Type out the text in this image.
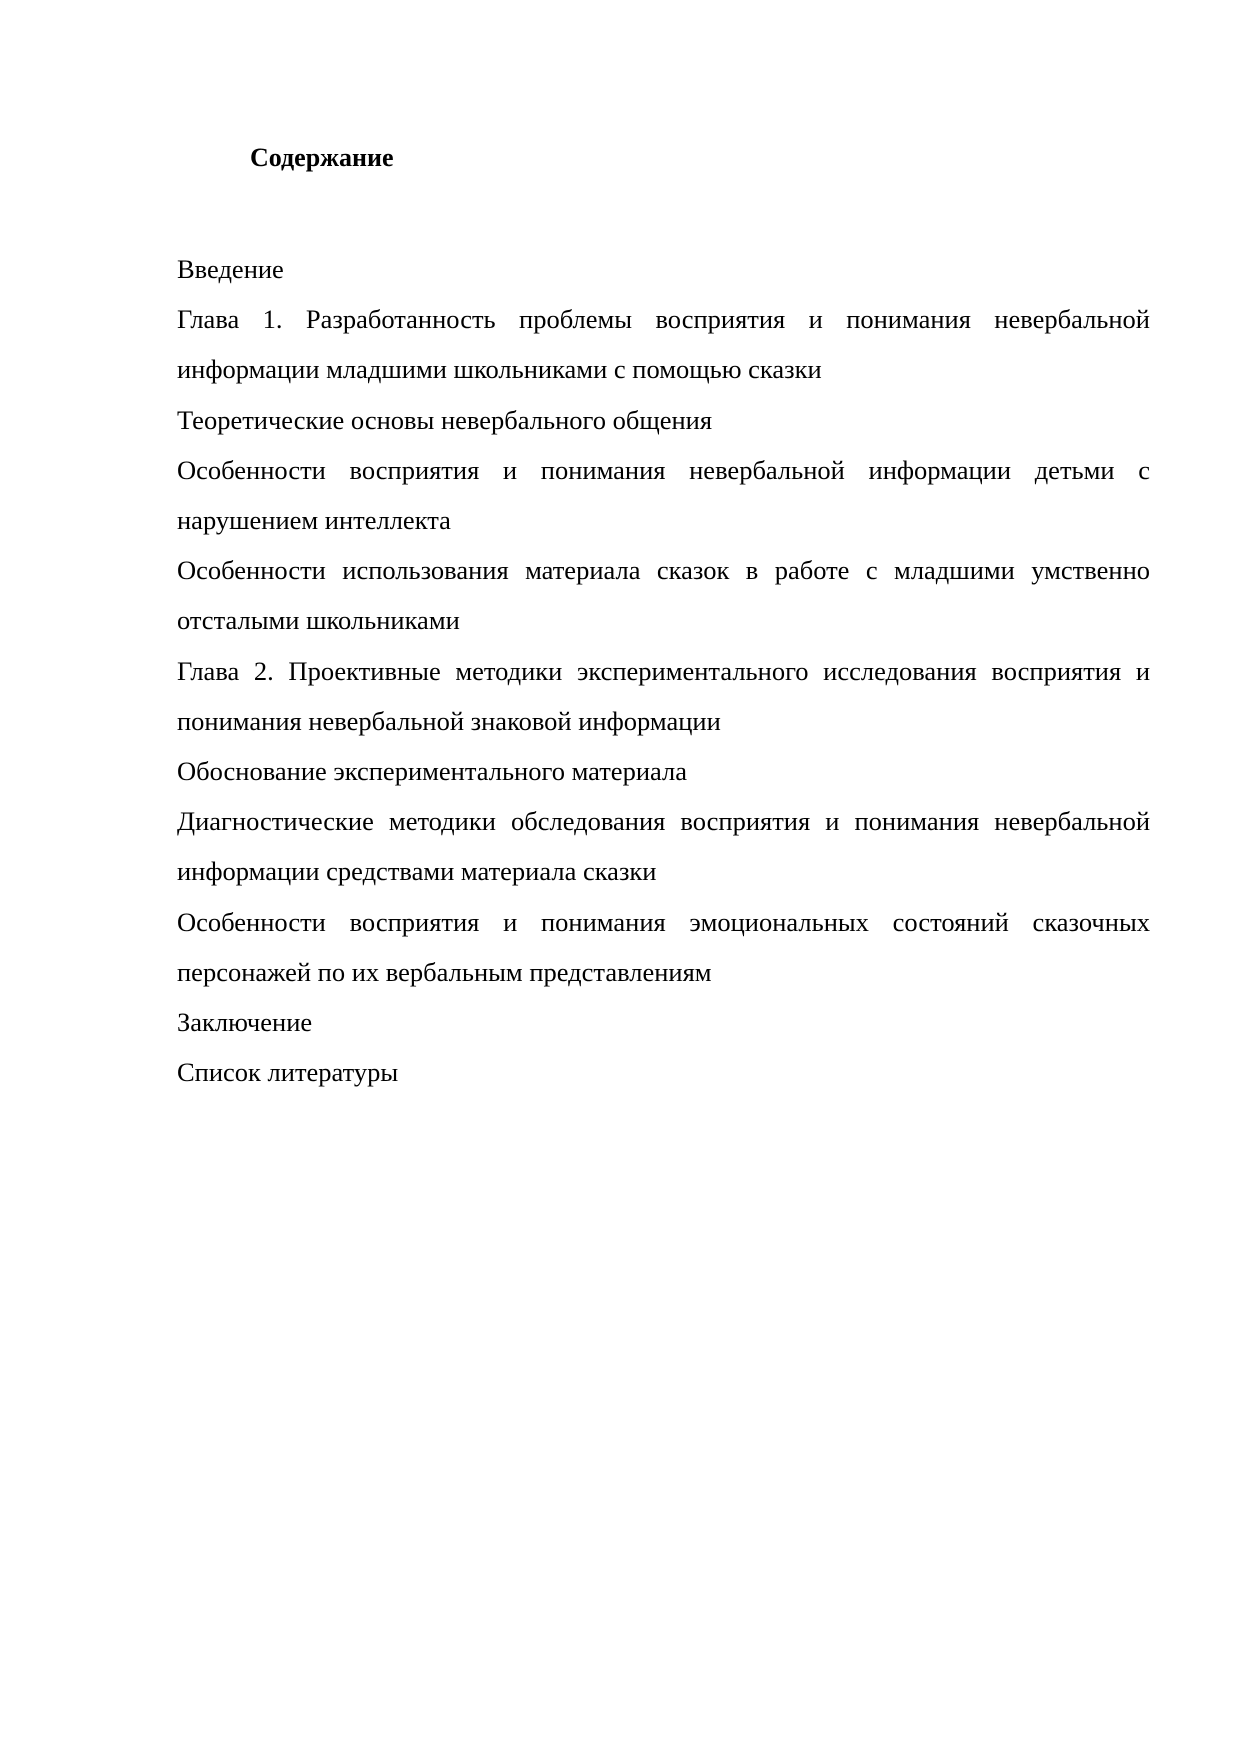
Содержание
Введение
Глава 1. Разработанность проблемы восприятия и понимания невербальной информации младшими школьниками с помощью сказки
Теоретические основы невербального общения
Особенности восприятия и понимания невербальной информации детьми с нарушением интеллекта
Особенности использования материала сказок в работе с младшими умственно отсталыми школьниками
Глава 2. Проективные методики экспериментального исследования восприятия и понимания невербальной знаковой информации
Обоснование экспериментального материала
Диагностические методики обследования восприятия и понимания невербальной информации средствами материала сказки
Особенности восприятия и понимания эмоциональных состояний сказочных персонажей по их вербальным представлениям
Заключение
Список литературы
